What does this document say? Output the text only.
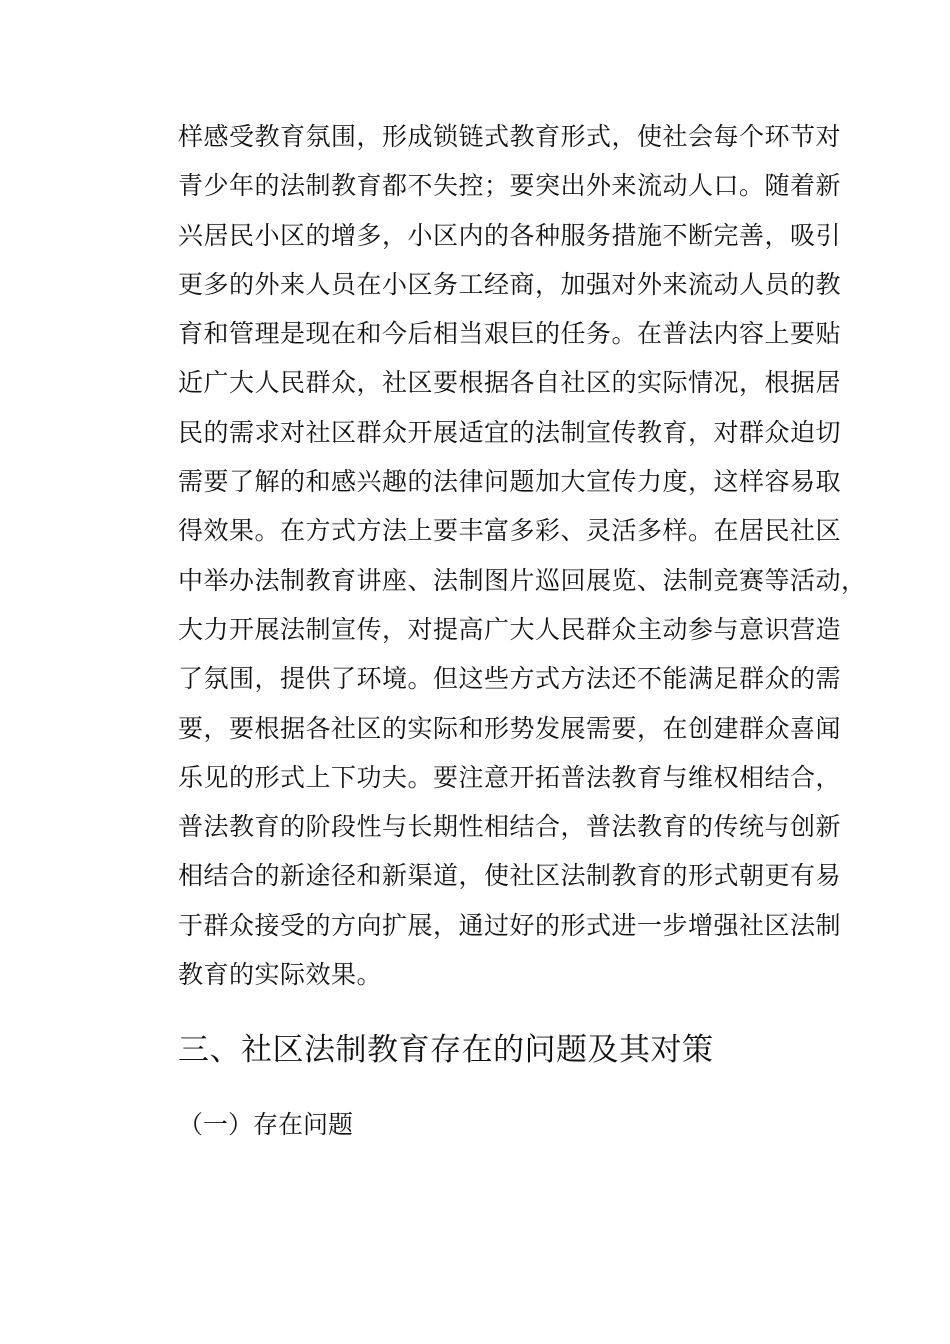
样感受教育氛围，形成锁链式教育形式，使社会每个环节对
青少年的法制教育都不失控；要突出外来流动人口。随着新
兴居民小区的增多，小区内的各种服务措施不断完善，吸引
更多的外来人员在小区务工经商，加强对外来流动人员的教
育和管理是现在和今后相当艰巨的任务。在普法内容上要贴
近广大人民群众，社区要根据各自社区的实际情况，根据居
民的需求对社区群众开展适宜的法制宣传教育，对群众迫切
需要了解的和感兴趣的法律问题加大宣传力度，这样容易取
得效果。在方式方法上要丰富多彩、灵活多样。在居民社区
中举办法制教育讲座、法制图片巡回展览、法制竞赛等活动，
大力开展法制宣传，对提高广大人民群众主动参与意识营造
了氛围，提供了环境。但这些方式方法还不能满足群众的需
要，要根据各社区的实际和形势发展需要，在创建群众喜闻
乐见的形式上下功夫。要注意开拓普法教育与维权相结合，
普法教育的阶段性与长期性相结合，普法教育的传统与创新
相结合的新途径和新渠道，使社区法制教育的形式朝更有易
于群众接受的方向扩展，通过好的形式进一步增强社区法制
教育的实际效果。
三、社区法制教育存在的问题及其对策
（一）存在问题
